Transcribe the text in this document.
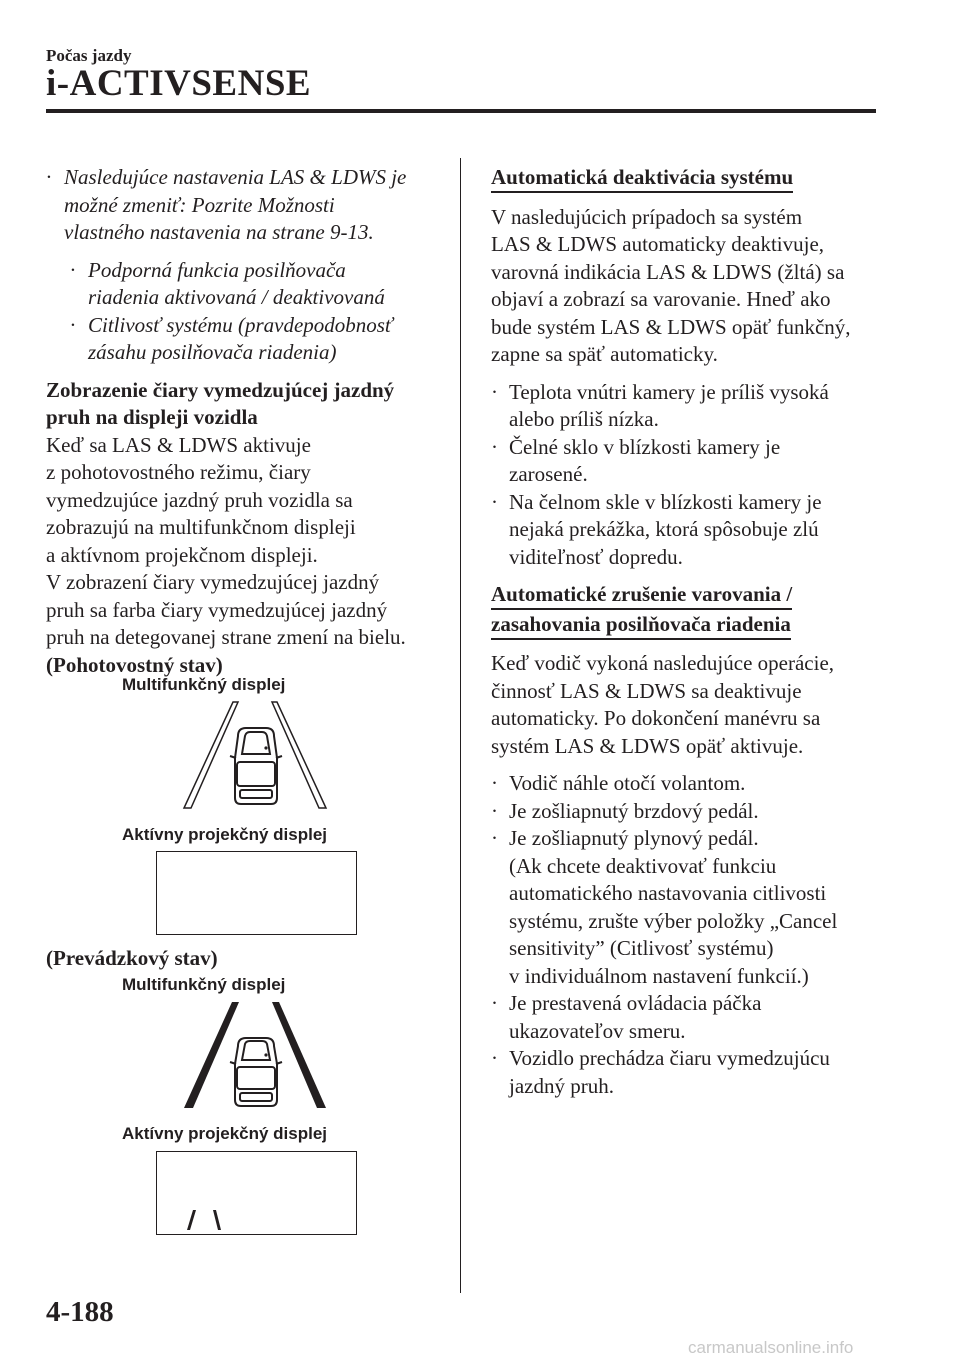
Počas jazdy
i-ACTIVSENSE
· Nasledujúce nastavenia LAS & LDWS je

možné zmeniť: Pozrite Možnosti

vlastného nastavenia na strane 9-13.

· Podporná funkcia posilňovača

riadenia aktivovaná / deaktivovaná

· Citlivosť systému (pravdepodobnosť

zásahu posilňovača riadenia)

Zobrazenie čiary vymedzujúcej jazdný

pruh na displeji vozidla

Keď sa LAS & LDWS aktivuje

z pohotovostného režimu, čiary

vymedzujúce jazdný pruh vozidla sa

zobrazujú na multifunkčnom displeji

a aktívnom projekčnom displeji.

V zobrazení čiary vymedzujúcej jazdný

pruh sa farba čiary vymedzujúcej jazdný

pruh na detegovanej strane zmení na bielu.

(Pohotovostný stav)

Multifunkčný displej
Aktívny projekčný displej
(Prevádzkový stav)
Multifunkčný displej
Aktívny projekčný displej

Automatická deaktivácia systému

V nasledujúcich prípadoch sa systém

LAS & LDWS automaticky deaktivuje,

varovná indikácia LAS & LDWS (žltá) sa

objaví a zobrazí sa varovanie. Hneď ako

bude systém LAS & LDWS opäť funkčný,

zapne sa späť automaticky.

· Teplota vnútri kamery je príliš vysoká

alebo príliš nízka.

· Čelné sklo v blízkosti kamery je

zarosené.

· Na čelnom skle v blízkosti kamery je

nejaká prekážka, ktorá spôsobuje zlú

viditeľnosť dopredu.

Automatické zrušenie varovania /

zasahovania posilňovača riadenia

Keď vodič vykoná nasledujúce operácie,

činnosť LAS & LDWS sa deaktivuje

automaticky. Po dokončení manévru sa

systém LAS & LDWS opäť aktivuje.

· Vodič náhle otočí volantom.

· Je zošliapnutý brzdový pedál.

· Je zošliapnutý plynový pedál.

(Ak chcete deaktivovať funkciu

automatického nastavovania citlivosti

systému, zrušte výber položky „Cancel

sensitivity” (Citlivosť systému)

v individuálnom nastavení funkcií.)

· Je prestavená ovládacia páčka

ukazovateľov smeru.

· Vozidlo prechádza čiaru vymedzujúcu

jazdný pruh.

4-188
carmanualsonline.info
